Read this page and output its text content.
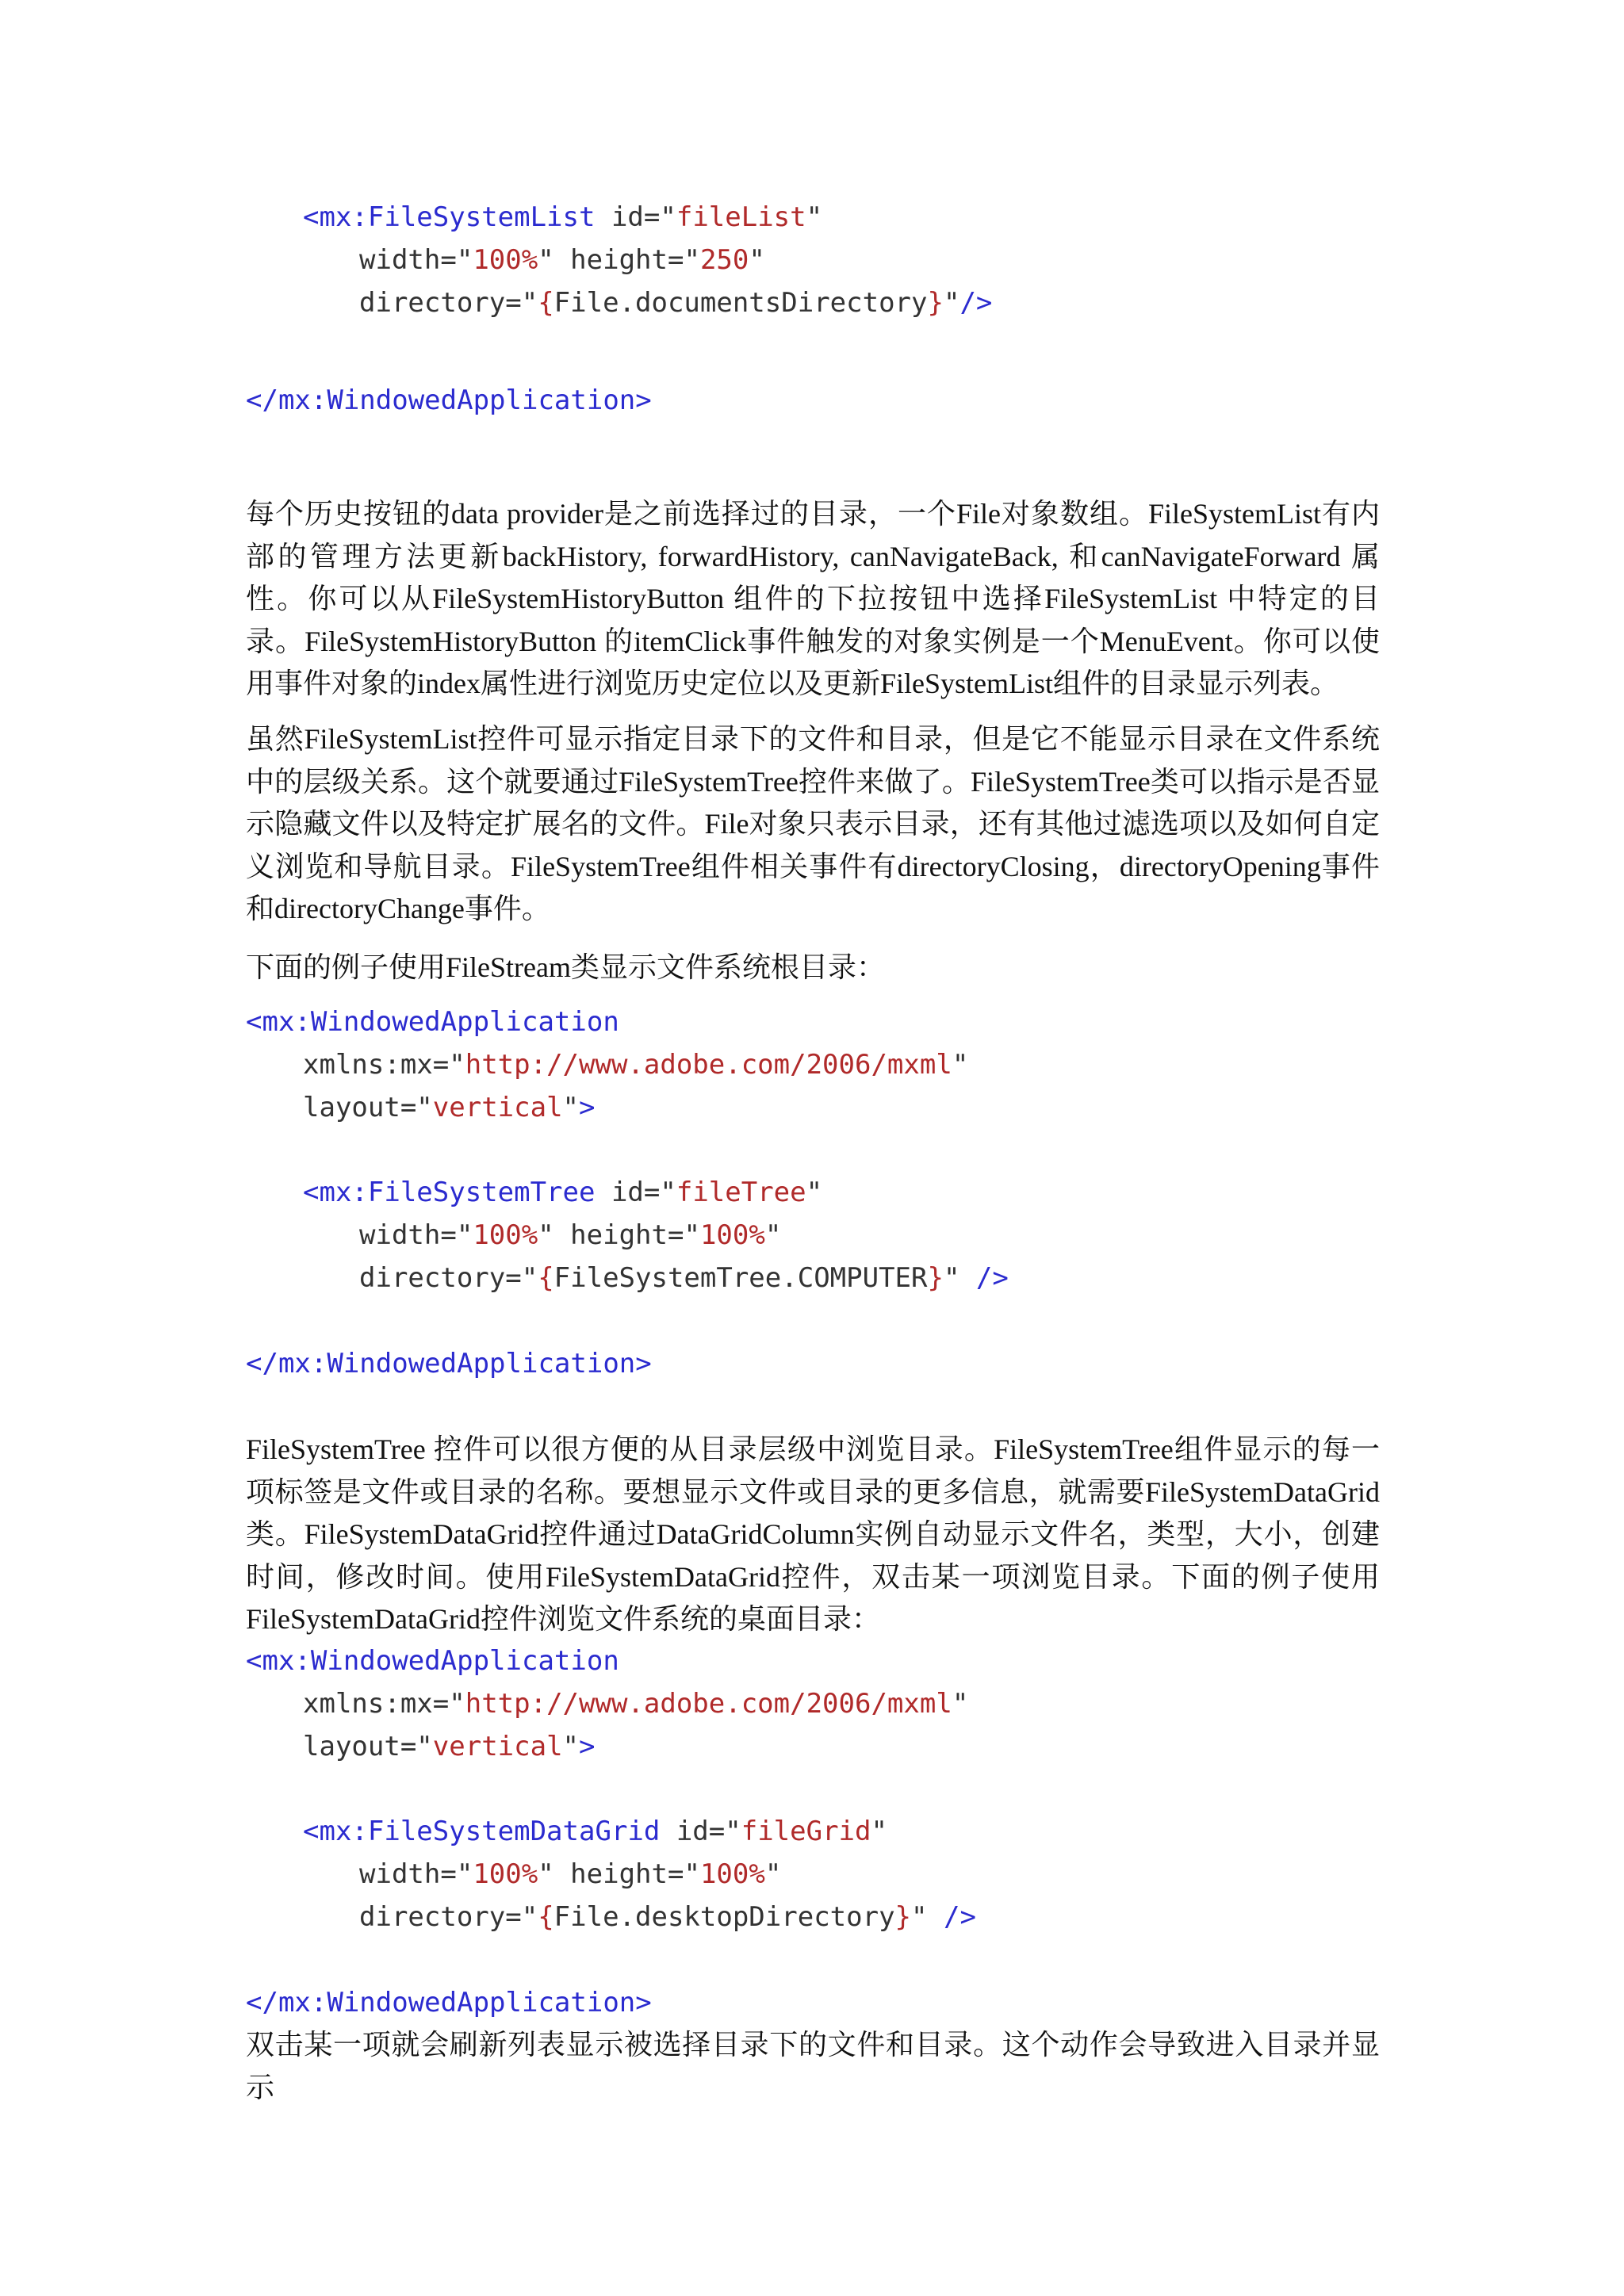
<mx:FileSystemList id="fileList"
width="100%" height="250"
directory="{File.documentsDirectory}"/>
</mx:WindowedApplication>
每个历史按钮的data provider是之前选择过的目录，一个File对象数组。FileSystemList有内部的管理方法更新backHistory, forwardHistory, canNavigateBack, 和canNavigateForward 属性。你可以从FileSystemHistoryButton 组件的下拉按钮中选择FileSystemList 中特定的目录。FileSystemHistoryButton 的itemClick事件触发的对象实例是一个MenuEvent。你可以使用事件对象的index属性进行浏览历史定位以及更新FileSystemList组件的目录显示列表。
虽然FileSystemList控件可显示指定目录下的文件和目录，但是它不能显示目录在文件系统中的层级关系。这个就要通过FileSystemTree控件来做了。FileSystemTree类可以指示是否显示隐藏文件以及特定扩展名的文件。File对象只表示目录，还有其他过滤选项以及如何自定义浏览和导航目录。FileSystemTree组件相关事件有directoryClosing，directoryOpening事件和directoryChange事件。
下面的例子使用FileStream类显示文件系统根目录：
<mx:WindowedApplication
xmlns:mx="http://www.adobe.com/2006/mxml"
layout="vertical">
<mx:FileSystemTree id="fileTree"
width="100%" height="100%"
directory="{FileSystemTree.COMPUTER}" />
</mx:WindowedApplication>
FileSystemTree 控件可以很方便的从目录层级中浏览目录。FileSystemTree组件显示的每一项标签是文件或目录的名称。要想显示文件或目录的更多信息，就需要FileSystemDataGrid类。FileSystemDataGrid控件通过DataGridColumn实例自动显示文件名，类型，大小，创建时间，修改时间。使用FileSystemDataGrid控件，双击某一项浏览目录。下面的例子使用FileSystemDataGrid控件浏览文件系统的桌面目录：
<mx:WindowedApplication
xmlns:mx="http://www.adobe.com/2006/mxml"
layout="vertical">
<mx:FileSystemDataGrid id="fileGrid"
width="100%" height="100%"
directory="{File.desktopDirectory}" />
</mx:WindowedApplication>
双击某一项就会刷新列表显示被选择目录下的文件和目录。这个动作会导致进入目录并显示
